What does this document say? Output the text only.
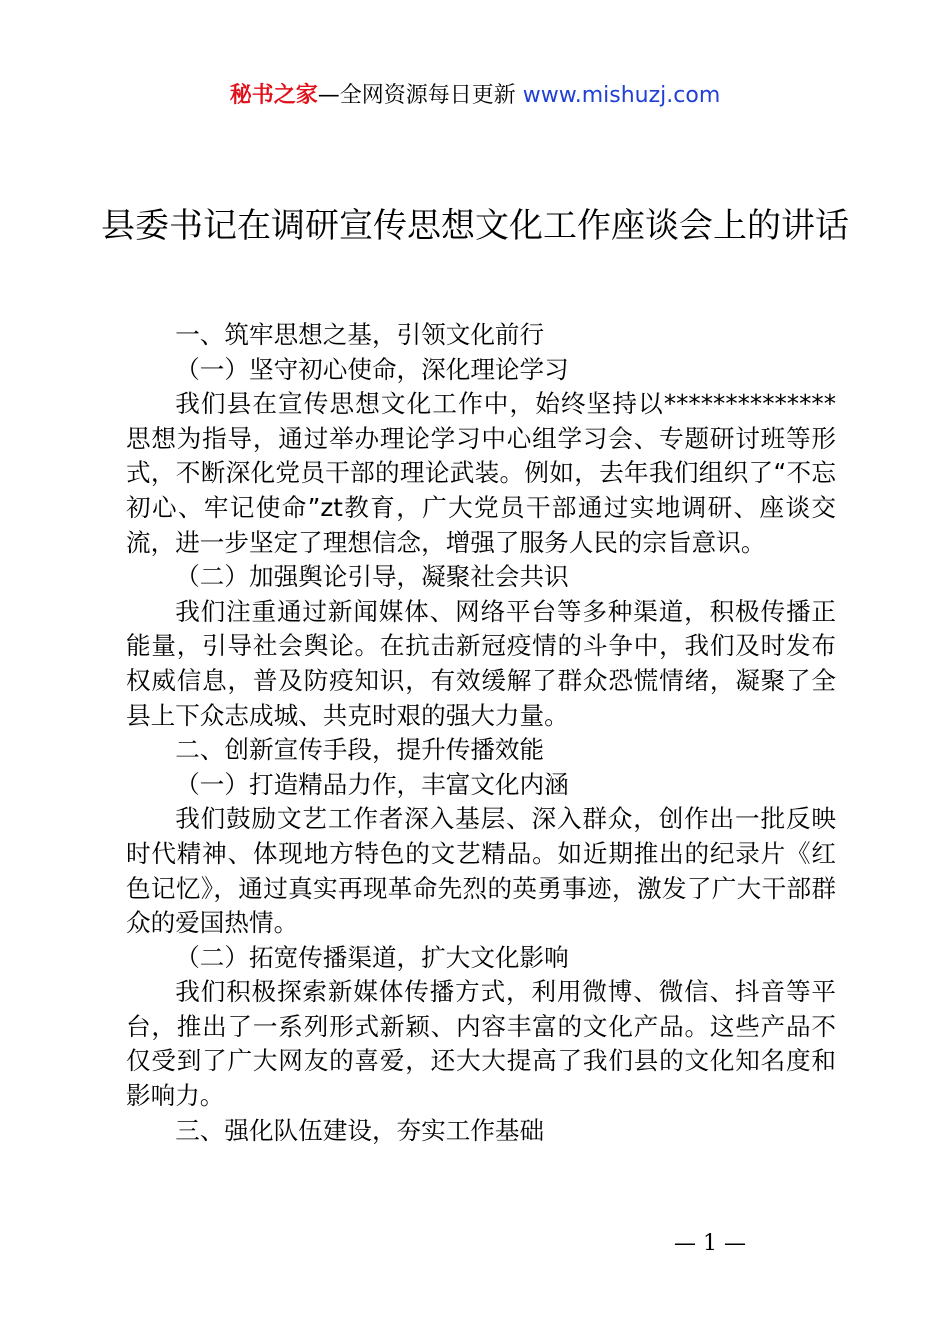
秘书之家—全网资源每日更新 www.mishuzj.com
县委书记在调研宣传思想文化工作座谈会上的讲话

一、筑牢思想之基，引领文化前行

（一）坚守初心使命，深化理论学习

我们县在宣传思想文化工作中，始终坚持以**************思想为指导，通过举办理论学习中心组学习会、专题研讨班等形式，不断深化党员干部的理论武装。例如，去年我们组织了“不忘初心、牢记使命”zt教育，广大党员干部通过实地调研、座谈交流，进一步坚定了理想信念，增强了服务人民的宗旨意识。

（二）加强舆论引导，凝聚社会共识

我们注重通过新闻媒体、网络平台等多种渠道，积极传播正能量，引导社会舆论。在抗击新冠疫情的斗争中，我们及时发布权威信息，普及防疫知识，有效缓解了群众恐慌情绪，凝聚了全县上下众志成城、共克时艰的强大力量。

二、创新宣传手段，提升传播效能

（一）打造精品力作，丰富文化内涵

我们鼓励文艺工作者深入基层、深入群众，创作出一批反映时代精神、体现地方特色的文艺精品。如近期推出的纪录片《红色记忆》，通过真实再现革命先烈的英勇事迹，激发了广大干部群众的爱国热情。

（二）拓宽传播渠道，扩大文化影响

我们积极探索新媒体传播方式，利用微博、微信、抖音等平台，推出了一系列形式新颖、内容丰富的文化产品。这些产品不仅受到了广大网友的喜爱，还大大提高了我们县的文化知名度和影响力。

三、强化队伍建设，夯实工作基础

— 1 —
